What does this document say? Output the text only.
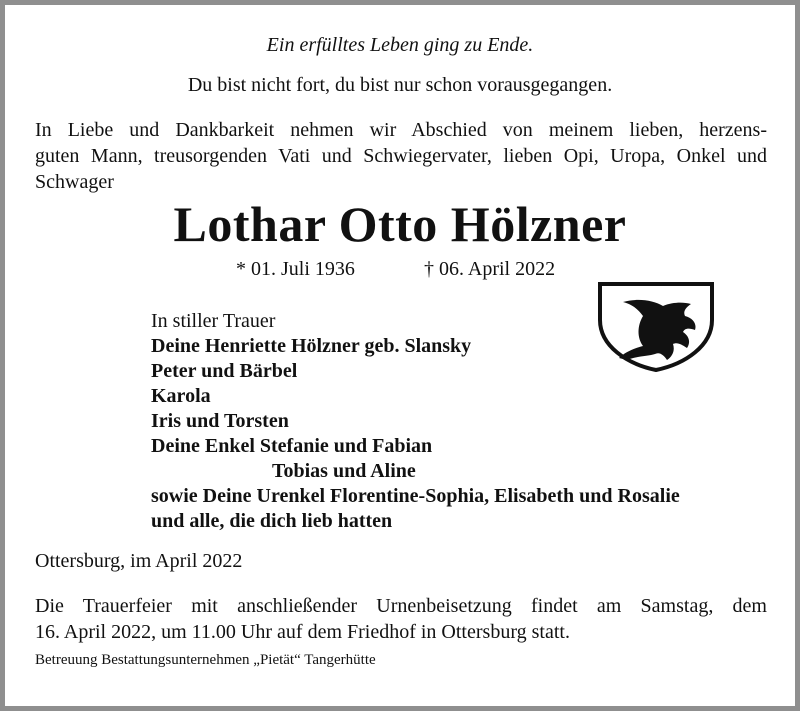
Ein erfülltes Leben ging zu Ende.
Du bist nicht fort, du bist nur schon vorausgegangen.
In Liebe und Dankbarkeit nehmen wir Abschied von meinem lieben, herzens-
guten Mann, treusorgenden Vati und Schwiegervater, lieben Opi, Uropa, Onkel und
Schwager
Lothar Otto Hölzner
* 01. Juli 1936	† 06. April 2022
In stiller Trauer
Deine Henriette Hölzner geb. Slansky
Peter und Bärbel
Karola
Iris und Torsten
Deine Enkel Stefanie und Fabian
Tobias und Aline
sowie Deine Urenkel Florentine-Sophia, Elisabeth und Rosalie
und alle, die dich lieb hatten
Ottersburg, im April 2022
Die Trauerfeier mit anschließender Urnenbeisetzung findet am Samstag, dem
16. April 2022, um 11.00 Uhr auf dem Friedhof in Ottersburg statt.
Betreuung Bestattungsunternehmen „Pietät“ Tangerhütte
